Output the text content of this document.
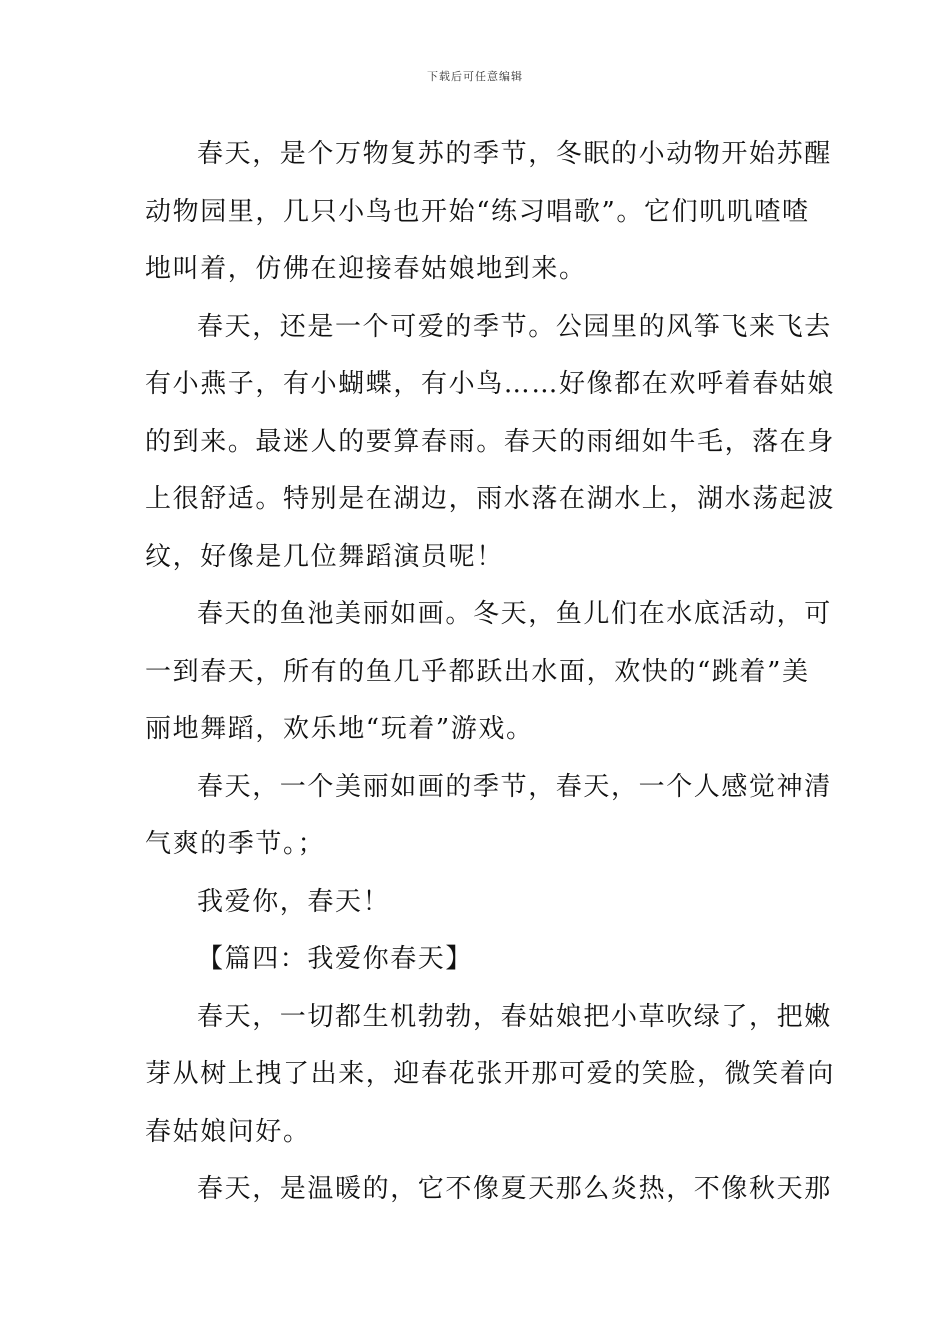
下载后可任意编辑
春天，是个万物复苏的季节，冬眠的小动物开始苏醒
动物园里，几只小鸟也开始“练习唱歌”。它们叽叽喳喳
地叫着，仿佛在迎接春姑娘地到来。
春天，还是一个可爱的季节。公园里的风筝飞来飞去
有小燕子，有小蝴蝶，有小鸟……好像都在欢呼着春姑娘
的到来。最迷人的要算春雨。春天的雨细如牛毛，落在身
上很舒适。特别是在湖边，雨水落在湖水上，湖水荡起波
纹，好像是几位舞蹈演员呢！
春天的鱼池美丽如画。冬天，鱼儿们在水底活动，可
一到春天，所有的鱼几乎都跃出水面，欢快的“跳着”美
丽地舞蹈，欢乐地“玩着”游戏。
春天，一个美丽如画的季节，春天，一个人感觉神清
气爽的季节。；
我爱你，春天！
【篇四：我爱你春天】
春天，一切都生机勃勃，春姑娘把小草吹绿了，把嫩
芽从树上拽了出来，迎春花张开那可爱的笑脸，微笑着向
春姑娘问好。
春天，是温暖的，它不像夏天那么炎热，不像秋天那
